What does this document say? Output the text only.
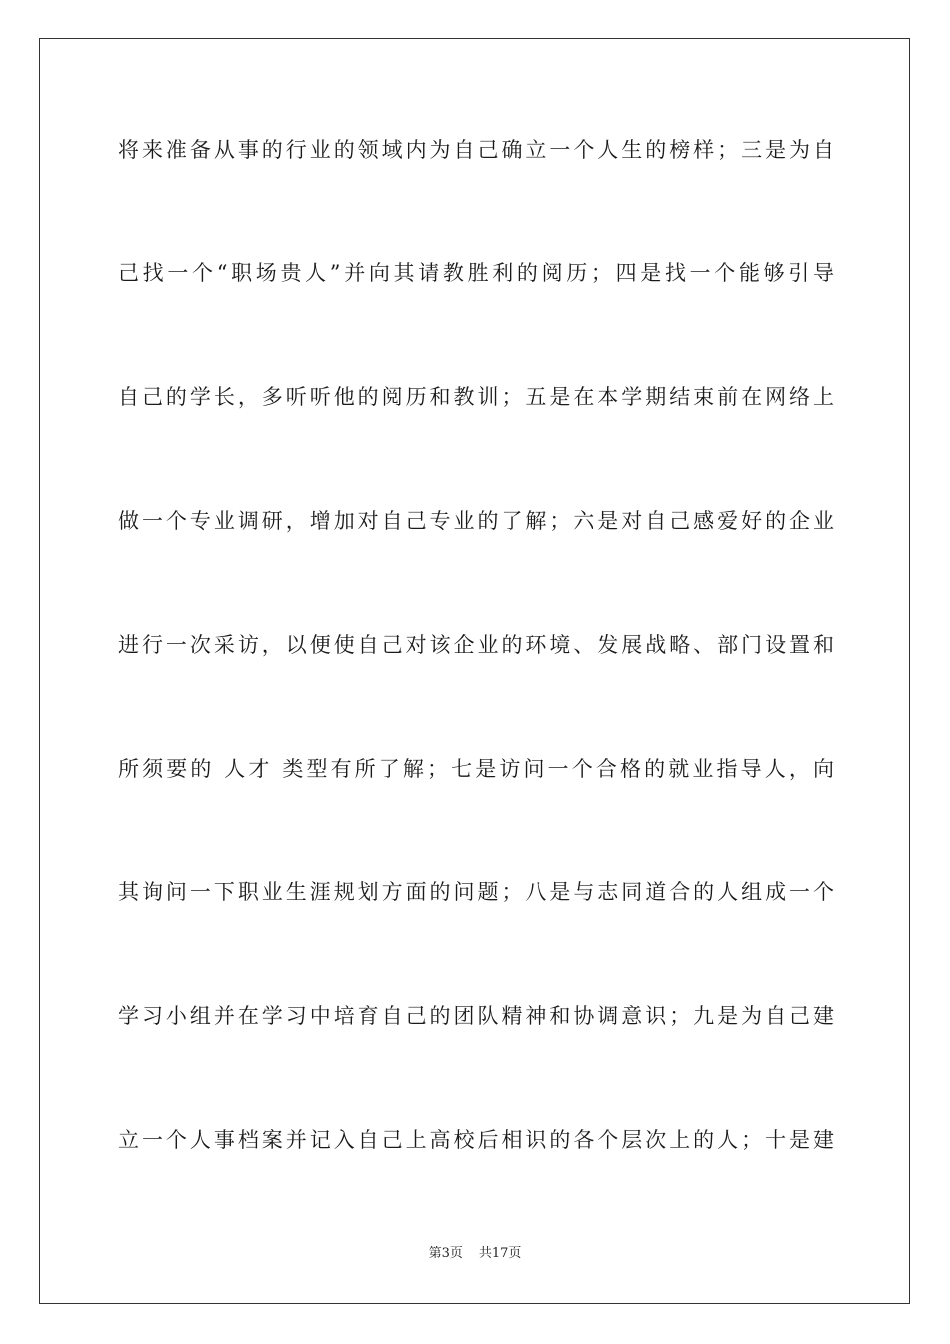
将来准备从事的行业的领域内为自己确立一个人生的榜样；三是为自
己找一个“职场贵人”并向其请教胜利的阅历；四是找一个能够引导
自己的学长，多听听他的阅历和教训；五是在本学期结束前在网络上
做一个专业调研，增加对自己专业的了解；六是对自己感爱好的企业
进行一次采访，以便使自己对该企业的环境、发展战略、部门设置和
所须要的 人才 类型有所了解；七是访问一个合格的就业指导人，向
其询问一下职业生涯规划方面的问题；八是与志同道合的人组成一个
学习小组并在学习中培育自己的团队精神和协调意识；九是为自己建
立一个人事档案并记入自己上高校后相识的各个层次上的人；十是建
第3页 共17页
